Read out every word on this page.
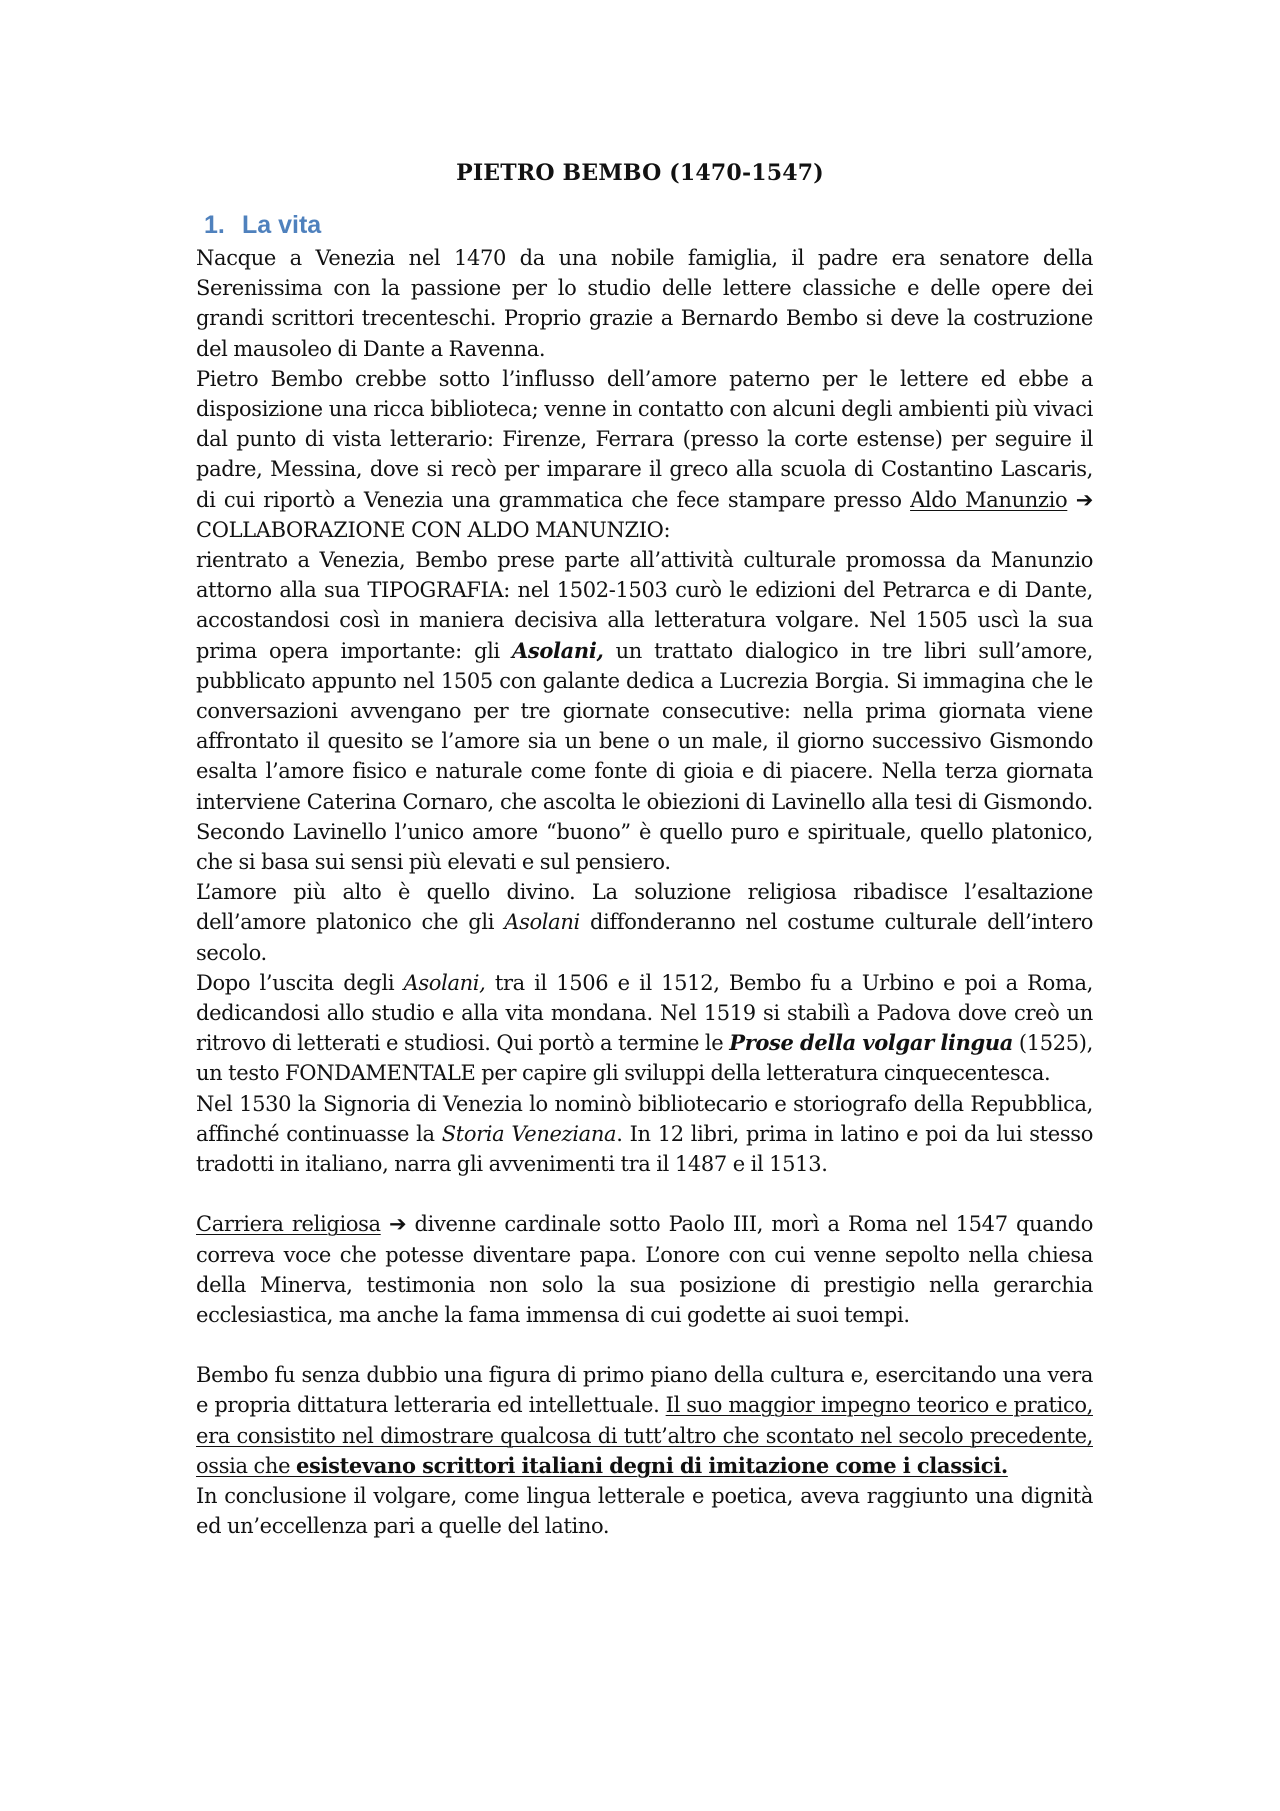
PIETRO BEMBO (1470-1547)
1. La vita

Nacque a Venezia nel 1470 da una nobile famiglia, il padre era senatore della Serenissima con la passione per lo studio delle lettere classiche e delle opere dei grandi scrittori trecenteschi. Proprio grazie a Bernardo Bembo si deve la costruzione del mausoleo di Dante a Ravenna.

Pietro Bembo crebbe sotto l’influsso dell’amore paterno per le lettere ed ebbe a disposizione una ricca biblioteca; venne in contatto con alcuni degli ambienti più vivaci dal punto di vista letterario: Firenze, Ferrara (presso la corte estense) per seguire il padre, Messina, dove si recò per imparare il greco alla scuola di Costantino Lascaris, di cui riportò a Venezia una grammatica che fece stampare presso Aldo Manunzio ➔ COLLABORAZIONE CON ALDO MANUNZIO:

rientrato a Venezia, Bembo prese parte all’attività culturale promossa da Manunzio attorno alla sua TIPOGRAFIA: nel 1502-1503 curò le edizioni del Petrarca e di Dante, accostandosi così in maniera decisiva alla letteratura volgare. Nel 1505 uscì la sua prima opera importante: gli Asolani, un trattato dialogico in tre libri sull’amore, pubblicato appunto nel 1505 con galante dedica a Lucrezia Borgia. Si immagina che le conversazioni avvengano per tre giornate consecutive: nella prima giornata viene affrontato il quesito se l’amore sia un bene o un male, il giorno successivo Gismondo esalta l’amore fisico e naturale come fonte di gioia e di piacere. Nella terza giornata interviene Caterina Cornaro, che ascolta le obiezioni di Lavinello alla tesi di Gismondo. Secondo Lavinello l’unico amore “buono” è quello puro e spirituale, quello platonico, che si basa sui sensi più elevati e sul pensiero.

L’amore più alto è quello divino. La soluzione religiosa ribadisce l’esaltazione dell’amore platonico che gli Asolani diffonderanno nel costume culturale dell’intero secolo.

Dopo l’uscita degli Asolani, tra il 1506 e il 1512, Bembo fu a Urbino e poi a Roma, dedicandosi allo studio e alla vita mondana. Nel 1519 si stabilì a Padova dove creò un ritrovo di letterati e studiosi. Qui portò a termine le Prose della volgar lingua (1525), un testo FONDAMENTALE per capire gli sviluppi della letteratura cinquecentesca.

Nel 1530 la Signoria di Venezia lo nominò bibliotecario e storiografo della Repubblica, affinché continuasse la Storia Veneziana. In 12 libri, prima in latino e poi da lui stesso tradotti in italiano, narra gli avvenimenti tra il 1487 e il 1513.

Carriera religiosa ➔ divenne cardinale sotto Paolo III, morì a Roma nel 1547 quando correva voce che potesse diventare papa. L’onore con cui venne sepolto nella chiesa della Minerva, testimonia non solo la sua posizione di prestigio nella gerarchia ecclesiastica, ma anche la fama immensa di cui godette ai suoi tempi.

Bembo fu senza dubbio una figura di primo piano della cultura e, esercitando una vera e propria dittatura letteraria ed intellettuale. Il suo maggior impegno teorico e pratico, era consistito nel dimostrare qualcosa di tutt’altro che scontato nel secolo precedente, ossia che esistevano scrittori italiani degni di imitazione come i classici.

In conclusione il volgare, come lingua letterale e poetica, aveva raggiunto una dignità ed un’eccellenza pari a quelle del latino.
